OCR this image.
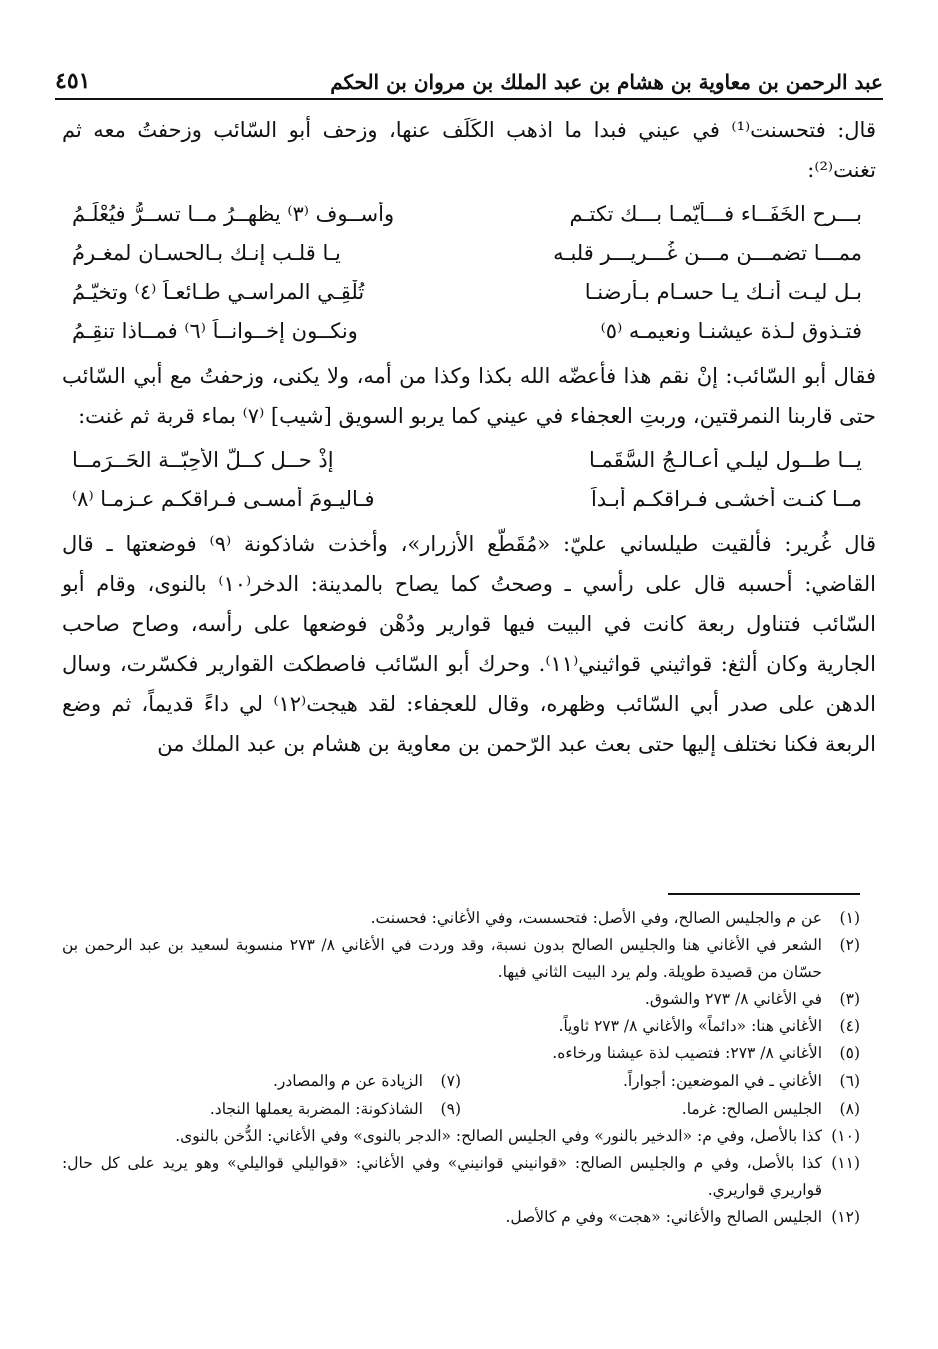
عبد الرحمن بن معاوية بن هشام بن عبد الملك بن مروان بن الحكم
٤٥١

قال: فتحسنت⁽¹⁾ في عيني فبدا ما اذهب الكَلَف عنها، وزحف أبو السّائب وزحفتُ معه ثم تغنت⁽²⁾:

بـــرح الخَفَــاء فـــأيّمـا بـــك تكتـم
وأســوف ⁽٣⁾ يظهــرُ مــا تســرُّ فيُعْلَـمُ
ممـــا تضمـــن مـــن غُـــريـــر قلبـه
يـا قلـب إنـك بـالحسـان لمغـرمُ
بـل ليـت أنـك يـا حسـام بـأرضنـا
تُلْقِـي المراسـي طـائعـاً ⁽٤⁾ وتخيّـمُ
فتـذوق لـذة عيشنـا ونعيمـه ⁽٥⁾
ونكــون إخــوانــاً ⁽٦⁾ فمــاذا تنقِـمُ

فقال أبو السّائب: إنْ نقم هذا فأعضّه الله بكذا وكذا من أمه، ولا يكنى، وزحفتُ مع أبي السّائب حتى قاربنا النمرقتين، وربتِ العجفاء في عيني كما يربو السويق [شيب] ⁽٧⁾ بماء قربة ثم غنت:

يــا طــول ليلـي أعـالـجُ السَّقَمـا
إذْ حــل كــلّ الأحِبّــة الحَــرَمــا
مــا كنـت أخشـى فـراقكـم أبـداً
فـاليـومَ أمسـى فـراقكـم عـزمـا ⁽٨⁾

قال غُرير: فألقيت طيلساني عليّ: «مُقَطّع الأزرار»، وأخذت شاذكونة ⁽٩⁾ فوضعتها ـ قال القاضي: أحسبه قال على رأسي ـ وصحتُ كما يصاح بالمدينة: الدخر⁽١٠⁾ بالنوى، وقام أبو السّائب فتناول ربعة كانت في البيت فيها قوارير ودُهْن فوضعها على رأسه، وصاح صاحب الجارية وكان ألثغ: قواثيني قواثيني⁽١١⁾. وحرك أبو السّائب فاصطكت القوارير فكسّرت، وسال الدهن على صدر أبي السّائب وظهره، وقال للعجفاء: لقد هيجت⁽١٢⁾ لي داءً قديماً، ثم وضع الربعة فكنا نختلف إليها حتى بعث عبد الرّحمن بن معاوية بن هشام بن عبد الملك من

(١)
عن م والجليس الصالح، وفي الأصل: فتحسست، وفي الأغاني: فحسنت.
(٢)
الشعر في الأغاني هنا والجليس الصالح بدون نسبة، وقد وردت في الأغاني ٨/ ٢٧٣ منسوبة لسعيد بن عبد الرحمن بن حسّان من قصيدة طويلة. ولم يرد البيت الثاني فيها.
(٣)
في الأغاني ٨/ ٢٧٣ والشوق.
(٤)
الأغاني هنا: «دائماً» والأغاني ٨/ ٢٧٣ ثاوياً.
(٥)
الأغاني ٨/ ٢٧٣: فتصيب لذة عيشنا ورخاءه.
(٦)
الأغاني ـ في الموضعين: أجواراً.
(٧)
الزيادة عن م والمصادر.
(٨)
الجليس الصالح: غرما.
(٩)
الشاذكونة: المضربة يعملها النجاد.
(١٠)
كذا بالأصل، وفي م: «الدخير بالنور» وفي الجليس الصالح: «الدجر بالنوى» وفي الأغاني: الدُّخن بالنوى.
(١١)
كذا بالأصل، وفي م والجليس الصالح: «قوانيني قوانيني» وفي الأغاني: «قواليلي قواليلي» وهو يريد على كل حال: قواريري قواريري.
(١٢)
الجليس الصالح والأغاني: «هجت» وفي م كالأصل.
